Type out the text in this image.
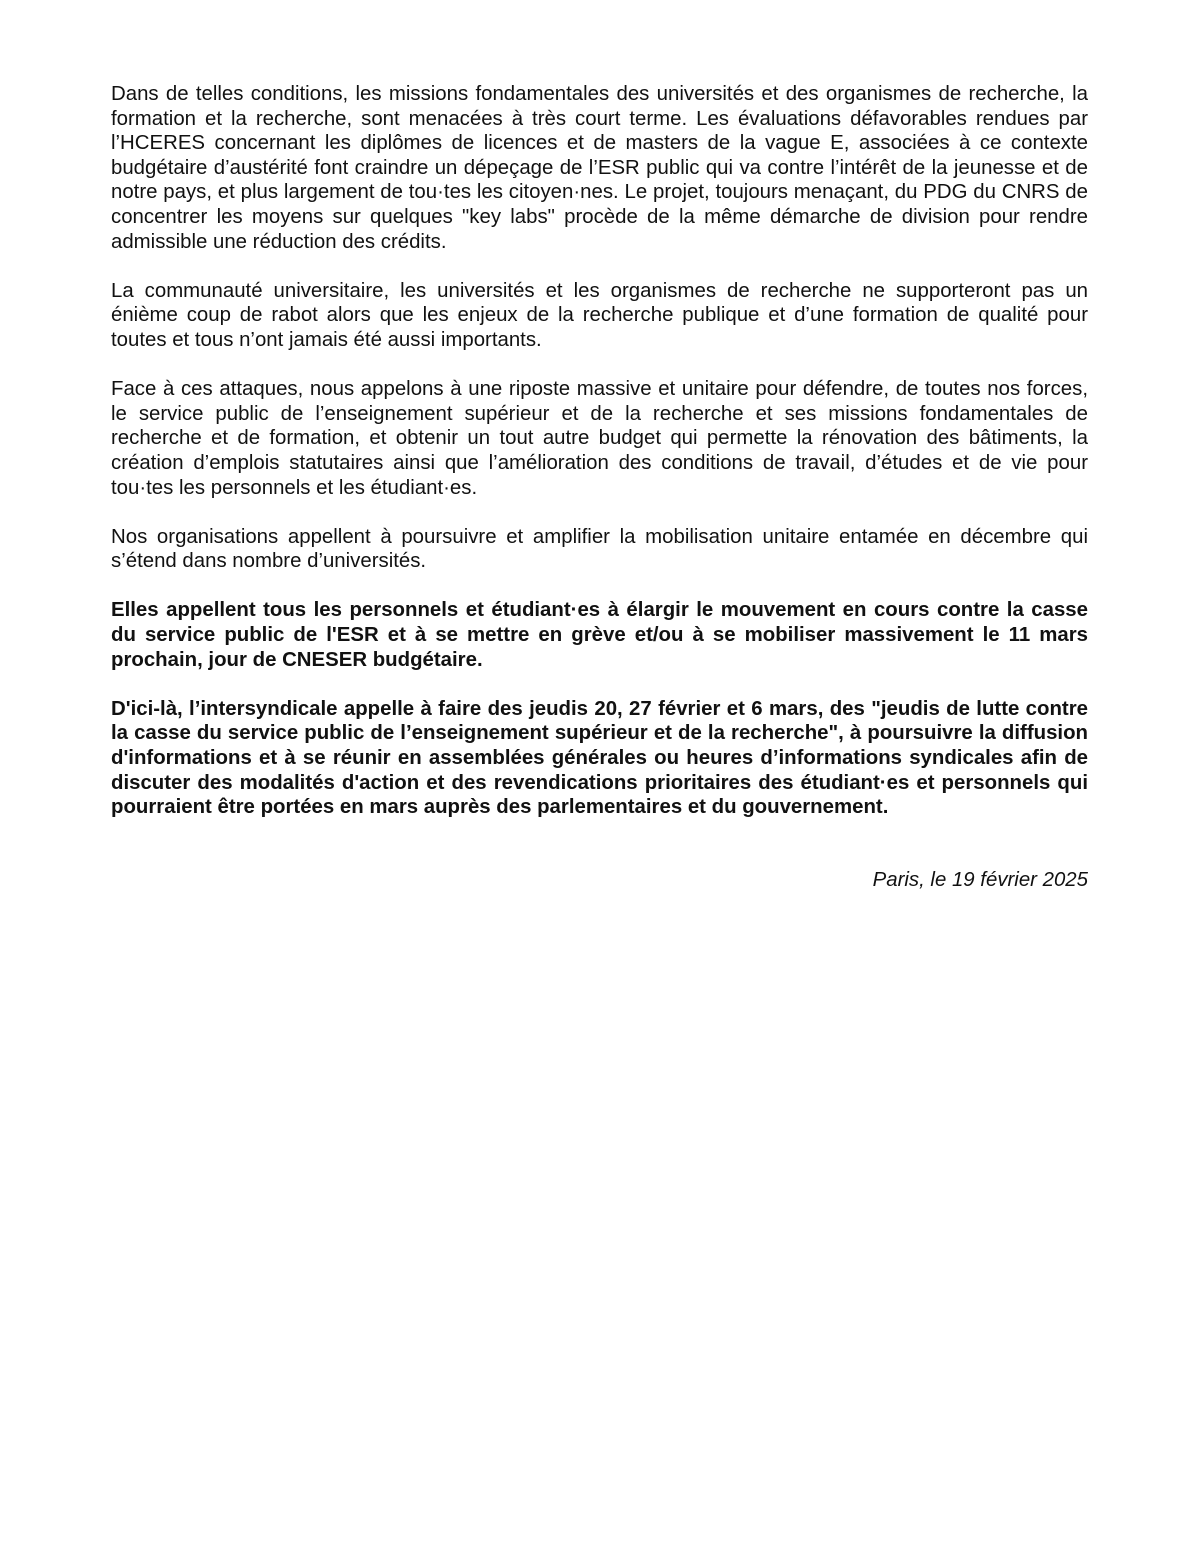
Dans de telles conditions, les missions fondamentales des universités et des organismes de recherche, la formation et la recherche, sont menacées à très court terme. Les évaluations défavorables rendues par l’HCERES concernant les diplômes de licences et de masters de la vague E, associées à ce contexte budgétaire d’austérité font craindre un dépeçage de l’ESR public qui va contre l’intérêt de la jeunesse et de notre pays, et plus largement de tou·tes les citoyen·nes. Le projet, toujours menaçant, du PDG du CNRS de concentrer les moyens sur quelques "key labs" procède de la même démarche de division pour rendre admissible une réduction des crédits.

La communauté universitaire, les universités et les organismes de recherche ne supporteront pas un énième coup de rabot alors que les enjeux de la recherche publique et d’une formation de qualité pour toutes et tous n’ont jamais été aussi importants.

Face à ces attaques, nous appelons à une riposte massive et unitaire pour défendre, de toutes nos forces, le service public de l’enseignement supérieur et de la recherche et ses missions fondamentales de recherche et de formation, et obtenir un tout autre budget qui permette la rénovation des bâtiments, la création d’emplois statutaires ainsi que l’amélioration des conditions de travail, d’études et de vie pour tou·tes les personnels et les étudiant·es.

Nos organisations appellent à poursuivre et amplifier la mobilisation unitaire entamée en décembre qui s’étend dans nombre d’universités.

Elles appellent tous les personnels et étudiant·es à élargir le mouvement en cours contre la casse du service public de l'ESR et à se mettre en grève et/ou à se mobiliser massivement le 11 mars prochain, jour de CNESER budgétaire.

D'ici-là, l’intersyndicale appelle à faire des jeudis 20, 27 février et 6 mars, des "jeudis de lutte contre la casse du service public de l’enseignement supérieur et de la recherche", à poursuivre la diffusion d'informations et à se réunir en assemblées générales ou heures d’informations syndicales afin de discuter des modalités d'action et des revendications prioritaires des étudiant·es et personnels qui pourraient être portées en mars auprès des parlementaires et du gouvernement.

Paris, le 19 février 2025
